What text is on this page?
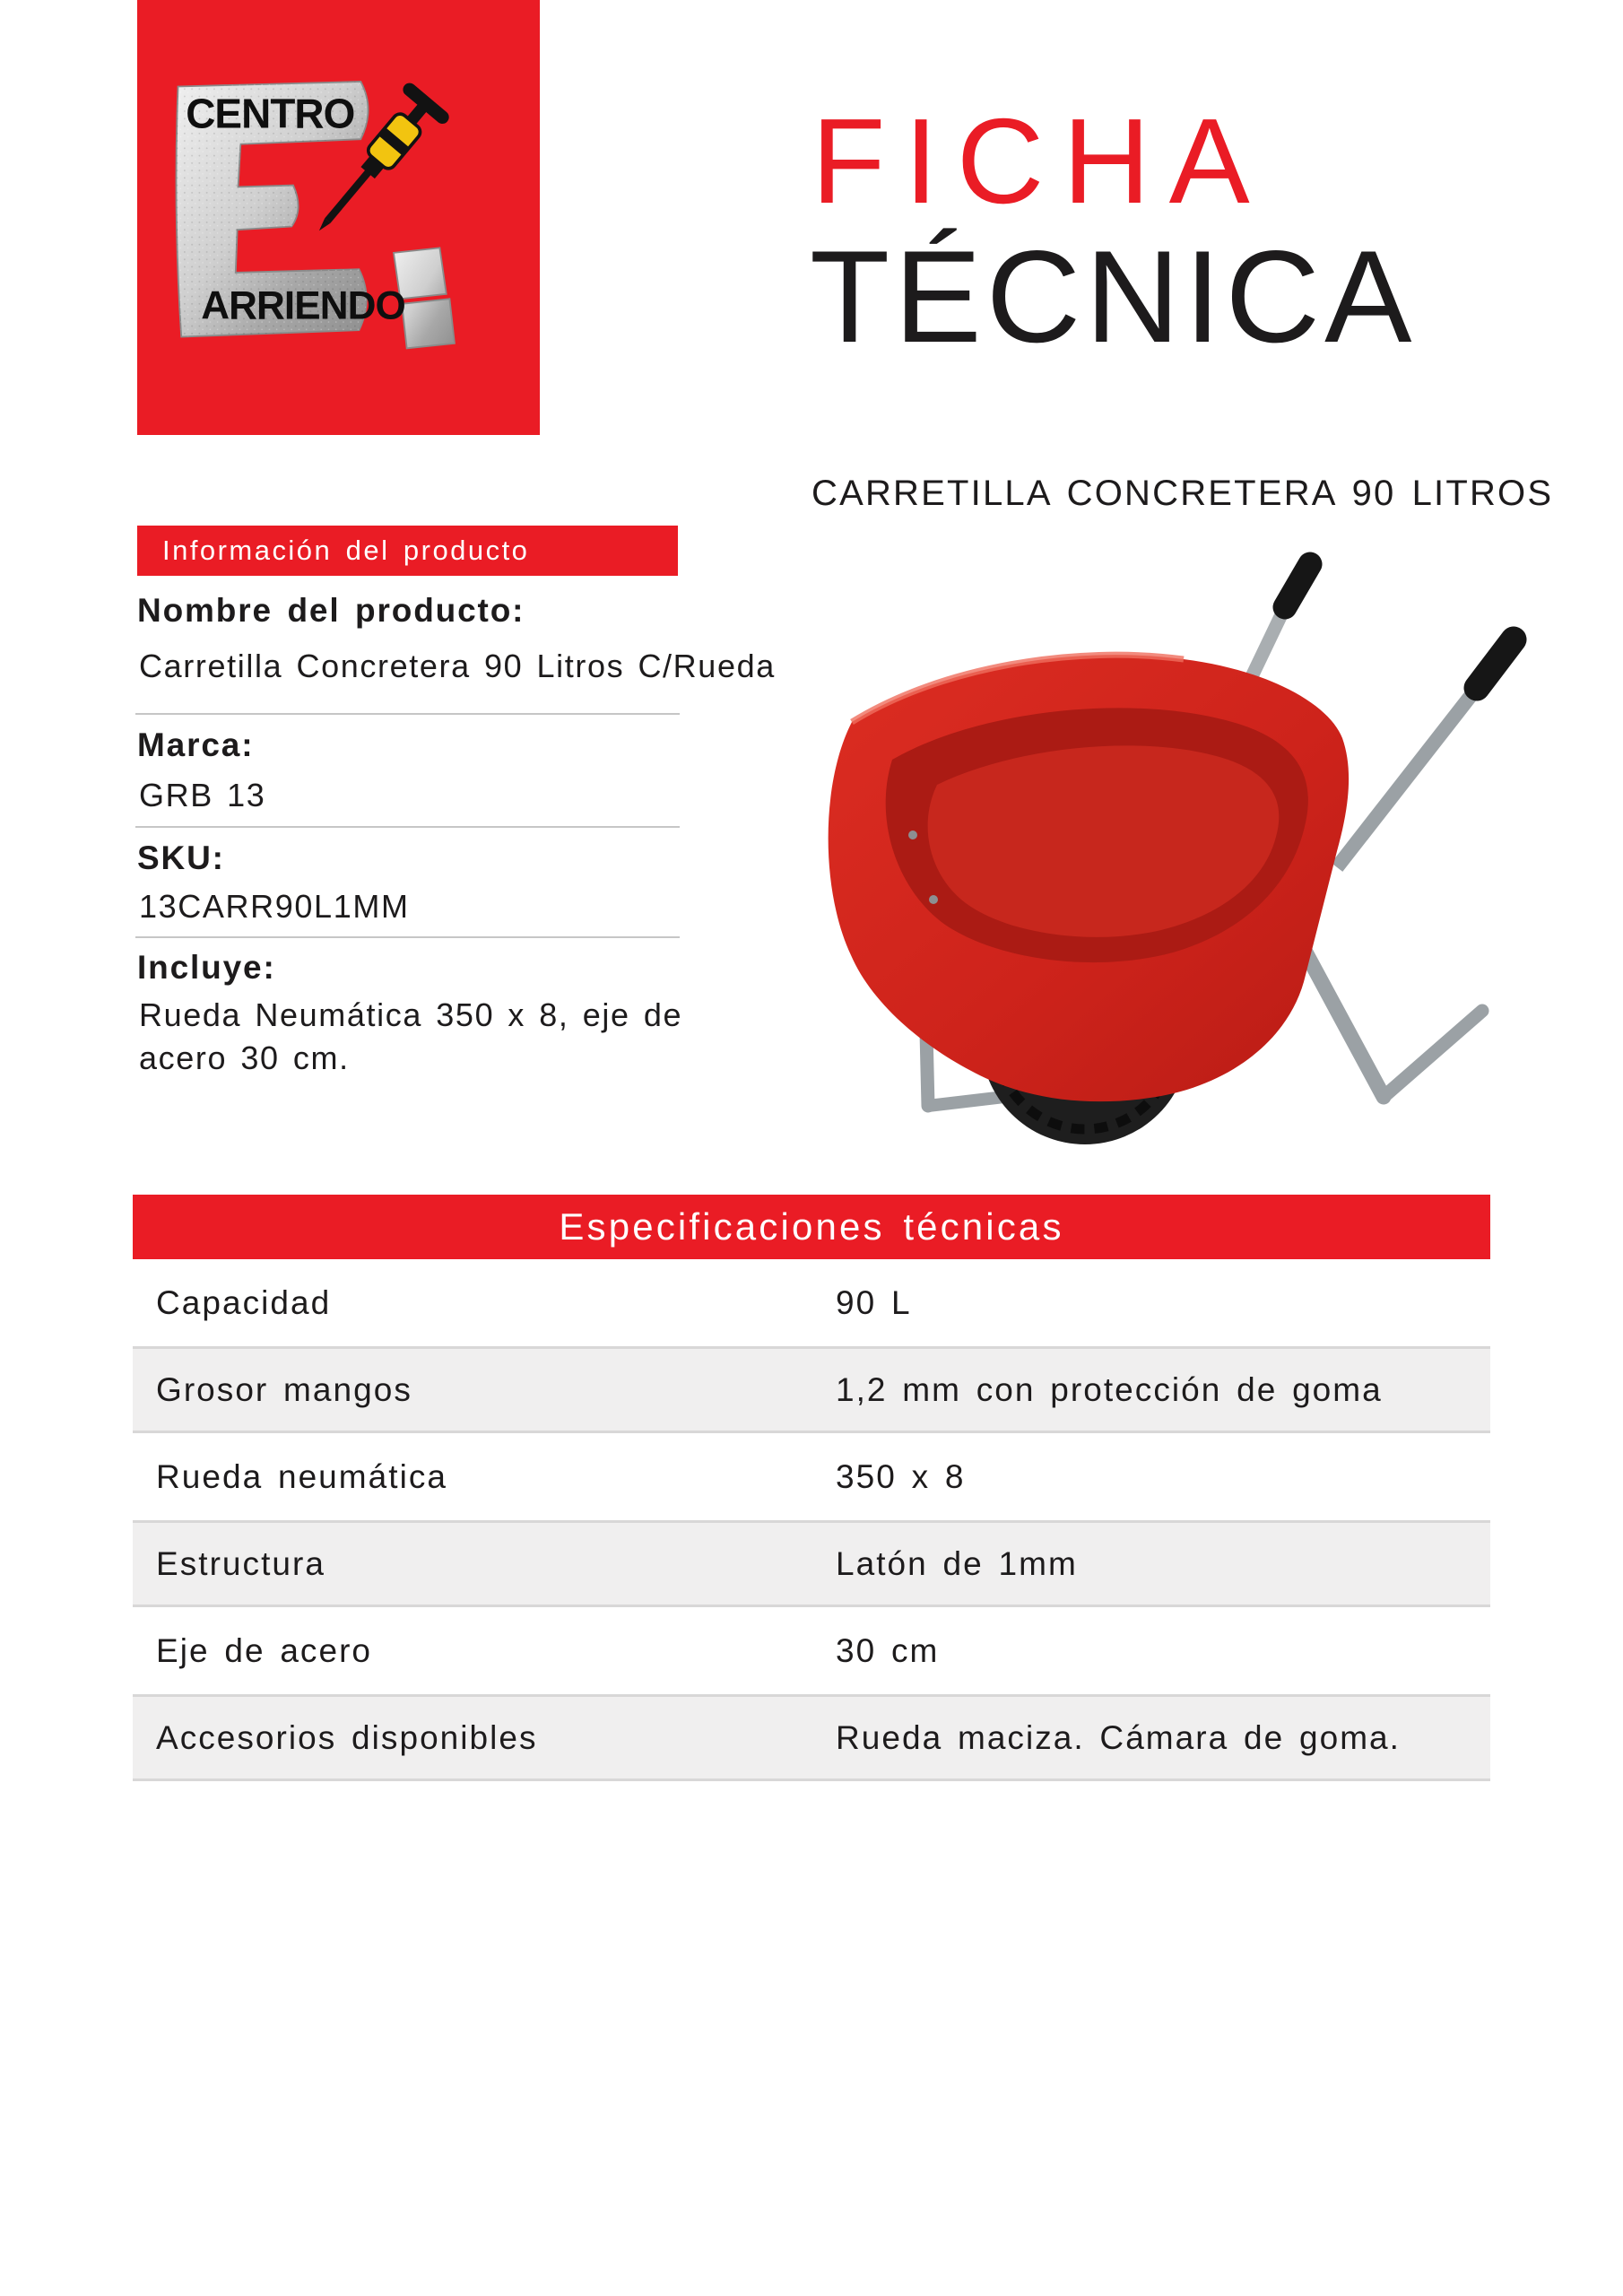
CENTRO
ARRIENDO
FICHA
TÉCNICA
CARRETILLA CONCRETERA 90 LITROS
Información del producto
Nombre del producto:
Carretilla Concretera 90 Litros C/Rueda
Marca:
GRB 13
SKU:
13CARR90L1MM
Incluye:
Rueda Neumática 350 x 8, eje de acero 30 cm.
Especificaciones técnicas
Capacidad	90 L
Grosor mangos	1,2 mm con protección de goma
Rueda neumática	350 x 8
Estructura	Latón de 1mm
Eje de acero	30 cm
Accesorios disponibles	Rueda maciza. Cámara de goma.
